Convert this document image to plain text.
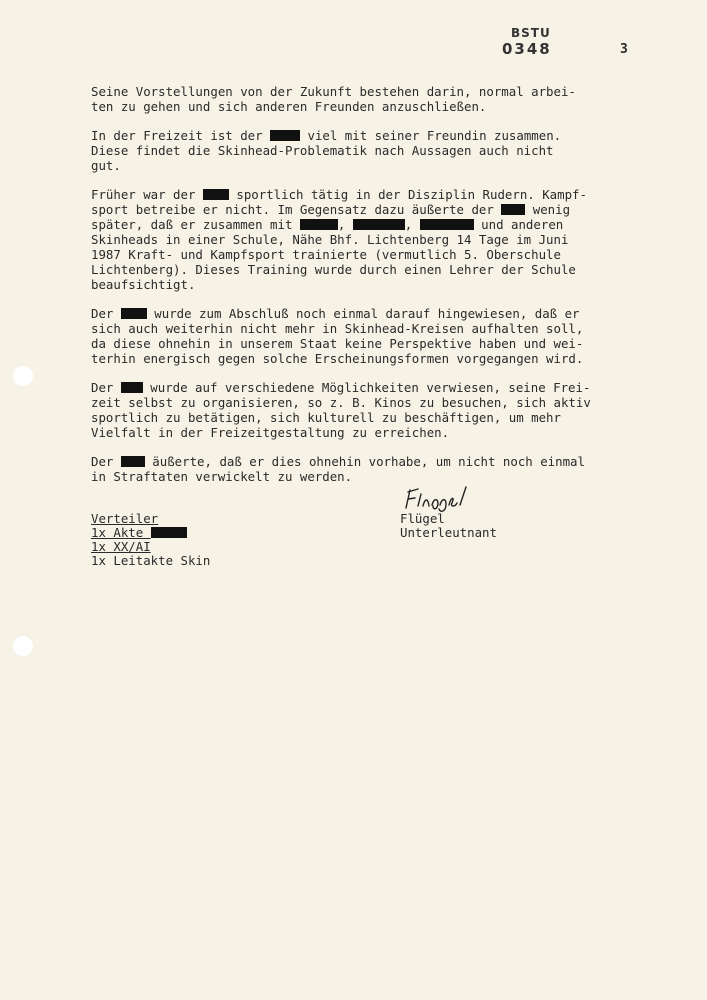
BSTU
0348	3
Seine Vorstellungen von der Zukunft bestehen darin, normal arbei-
ten zu gehen und sich anderen Freunden anzuschließen.
In der Freizeit ist der  viel mit seiner Freundin zusammen.
Diese findet die Skinhead-Problematik nach Aussagen auch nicht
gut.
Früher war der  sportlich tätig in der Disziplin Rudern. Kampf-
sport betreibe er nicht. Im Gegensatz dazu äußerte der  wenig
später, daß er zusammen mit	,	,	und anderen
Skinheads in einer Schule, Nähe Bhf. Lichtenberg 14 Tage im Juni
1987 Kraft- und Kampfsport trainierte (vermutlich 5. Oberschule
Lichtenberg). Dieses Training wurde durch einen Lehrer der Schule
beaufsichtigt.
Der  wurde zum Abschluß noch einmal darauf hingewiesen, daß er
sich auch weiterhin nicht mehr in Skinhead-Kreisen aufhalten soll,
da diese ohnehin in unserem Staat keine Perspektive haben und wei-
terhin energisch gegen solche Erscheinungsformen vorgegangen wird.
Der  wurde auf verschiedene Möglichkeiten verwiesen, seine Frei-
zeit selbst zu organisieren, so z. B. Kinos zu besuchen, sich aktiv
sportlich zu betätigen, sich kulturell zu beschäftigen, um mehr
Vielfalt in der Freizeitgestaltung zu erreichen.
Der  äußerte, daß er dies ohnehin vorhabe, um nicht noch einmal
in Straftaten verwickelt zu werden.
Verteiler
1x Akte
1x XX/AI
1x Leitakte Skin
Flügel
Unterleutnant
